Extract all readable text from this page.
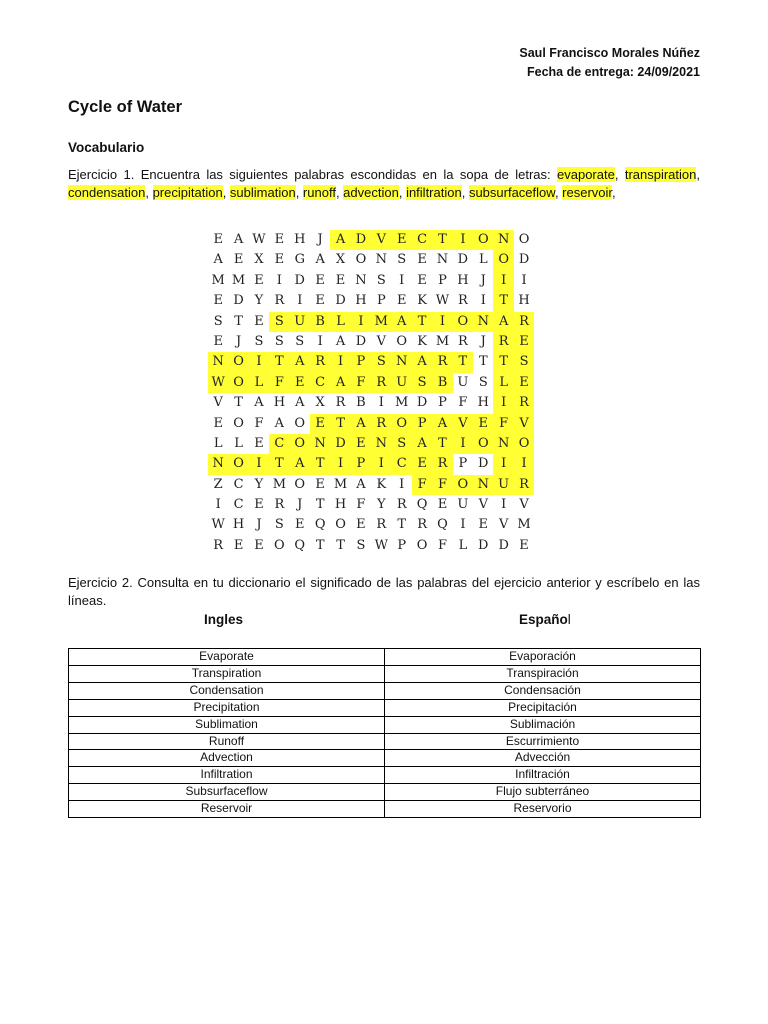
Saul Francisco Morales Núñez
Fecha de entrega: 24/09/2021
Cycle of Water
Vocabulario

Ejercicio 1. Encuentra las siguientes palabras escondidas en la sopa de letras: evaporate, transpiration, condensation, precipitation, sublimation, runoff, advection, infiltration, subsurfaceflow, reservoir,

E A W E H J	A D V E C T	I O N O
A E X E G A X O N S E N D L O D
M M E	I D E E N S	I	E P H J	I	I
E D Y R I	E D H P E K W R I	T H
S T E S U B L	I M A T	I O N A R
E	J	S S S	I	A D V O K M R J R E
N O I	T A R I	P S N A R T T T S
W O L F E C A F R U S B U S L E
V T A H A X R B	I M D P F H I R
E O F A O E T A R O P A V E F V
L L E C O N D E N S A T	I O N O
N O I	T A T	I	P	I C E R P D I	I
Z C Y M O E M A K I	F F O N U R
I C E R J	T H F Y R Q E U V	I	V
W H J	S E Q O E R T R Q I	E V M
R E E O Q T T S W P O F L D D E

Ejercicio 2. Consulta en tu diccionario el significado de las palabras del ejercicio anterior y escríbelo en las líneas.

Ingles	Español
Evaporate	Evaporación
Transpiration	Transpiración
Condensation	Condensación
Precipitation	Precipitación
Sublimation	Sublimación
Runoff	Escurrimiento
Advection	Advección
Infiltration	Infiltración
Subsurfaceflow	Flujo subterráneo
Reservoir	Reservorio
